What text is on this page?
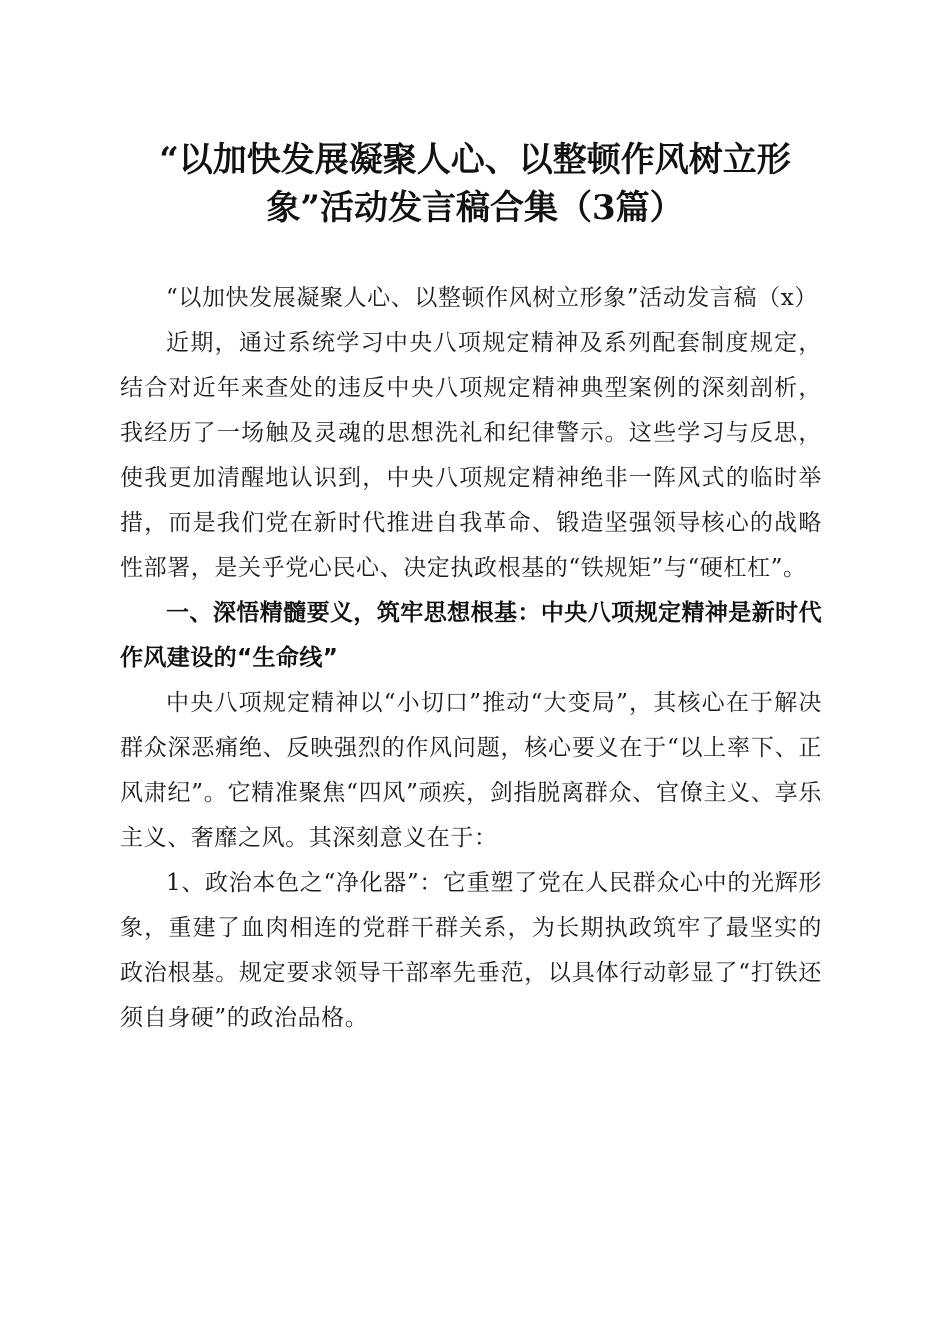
“以加快发展凝聚人心、以整顿作风树立形
象”活动发言稿合集（3篇）

“以加快发展凝聚人心、以整顿作风树立形象”活动发言稿（x）

近期，通过系统学习中央八项规定精神及系列配套制度规定，结合对近年来查处的违反中央八项规定精神典型案例的深刻剖析，我经历了一场触及灵魂的思想洗礼和纪律警示。这些学习与反思，使我更加清醒地认识到，中央八项规定精神绝非一阵风式的临时举措，而是我们党在新时代推进自我革命、锻造坚强领导核心的战略性部署，是关乎党心民心、决定执政根基的“铁规矩”与“硬杠杠”。

一、深悟精髓要义，筑牢思想根基：中央八项规定精神是新时代作风建设的“生命线”

中央八项规定精神以“小切口”推动“大变局”，其核心在于解决群众深恶痛绝、反映强烈的作风问题，核心要义在于“以上率下、正风肃纪”。它精准聚焦“四风”顽疾，剑指脱离群众、官僚主义、享乐主义、奢靡之风。其深刻意义在于：

1、政治本色之“净化器”：它重塑了党在人民群众心中的光辉形象，重建了血肉相连的党群干群关系，为长期执政筑牢了最坚实的政治根基。规定要求领导干部率先垂范，以具体行动彰显了“打铁还须自身硬”的政治品格。
